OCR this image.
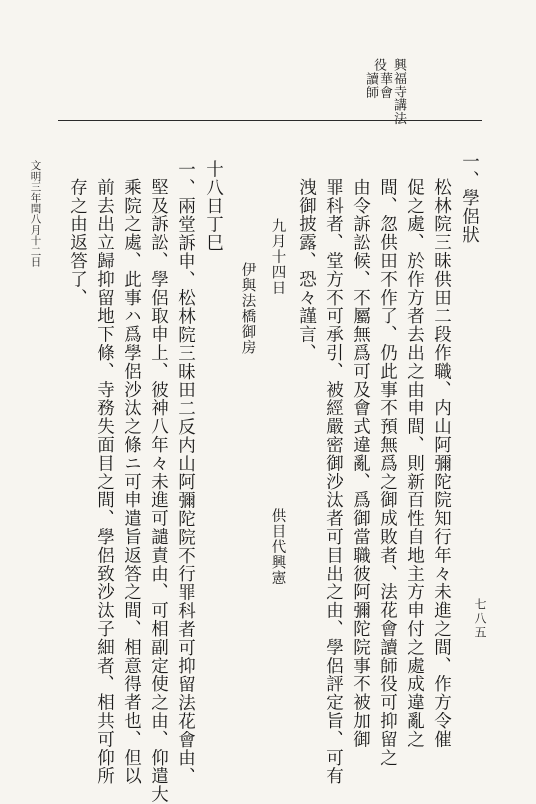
興福寺
講法
華會
讀師
役
一、學侶狀
松林院三昧供田二段作職、内山阿彌陀院知行年々未進之間、作方令催
促之處、於作方者去出之由申間、則新百性自地主方申付之處成違亂之
間、忽供田不作了、仍此事不預無爲之御成敗者、法花會讀師役可抑留之
由令訴訟候、不屬無爲可及會式違亂、爲御當職彼阿彌陀院事不被加御
罪科者、堂方不可承引、被經嚴密御沙汰者可目出之由、學侶評定旨、可有
洩御披露、恐々謹言、
九月十四日
供目代興憲
伊與法橋御房
十八日丁巳
一、兩堂訴申、松林院三昧田二反内山阿彌陀院不行罪科者可抑留法花會由、
堅及訴訟、學侶取申上、彼神八年々未進可譴責由、可相副定使之由、仰遣大
乘院之處、此事ハ爲學侶沙汰之條ニ可申遣旨返答之間、相意得者也、但以
前去出立歸抑留地下條、寺務失面目之間、學侶致沙汰子細者、相共可仰所
存之由返答了、
文明三年閏八月十二日
七八五
